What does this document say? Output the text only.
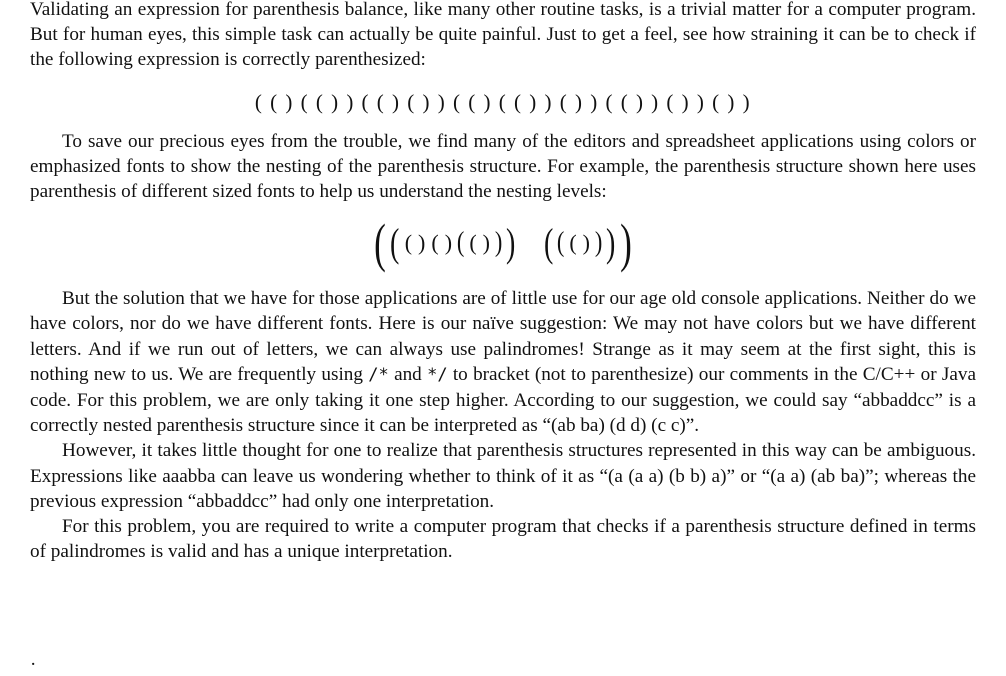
Validating an expression for parenthesis balance, like many other routine tasks, is a trivial matter for a computer program. But for human eyes, this simple task can actually be quite painful. Just to get a feel, see how straining it can be to check if the following expression is correctly parenthesized:

( ( ) ( ( ) ) ( ( ) ( ) ) ( ( ) ( ( ) ) ( ) ) ( ( ) ) ( ) ) ( ) )

To save our precious eyes from the trouble, we find many of the editors and spreadsheet applications using colors or emphasized fonts to show the nesting of the parenthesis structure. For example, the parenthesis structure shown here uses parenthesis of different sized fonts to help us understand the nesting levels:

( ( ( ) ( ) ( ( ) ) ) ( ( ( ) ) ) )

But the solution that we have for those applications are of little use for our age old console applications. Neither do we have colors, nor do we have different fonts. Here is our naïve suggestion: We may not have colors but we have different letters. And if we run out of letters, we can always use palindromes! Strange as it may seem at the first sight, this is nothing new to us. We are frequently using /* and */ to bracket (not to parenthesize) our comments in the C/C++ or Java code. For this problem, we are only taking it one step higher. According to our suggestion, we could say “abbaddcc” is a correctly nested parenthesis structure since it can be interpreted as “(ab ba) (d d) (c c)”.

However, it takes little thought for one to realize that parenthesis structures represented in this way can be ambiguous. Expressions like aaabba can leave us wondering whether to think of it as “(a (a a) (b b) a)” or “(a a) (ab ba)”; whereas the previous expression “abbaddcc” had only one interpretation.

For this problem, you are required to write a computer program that checks if a parenthesis structure defined in terms of palindromes is valid and has a unique interpretation.

·
